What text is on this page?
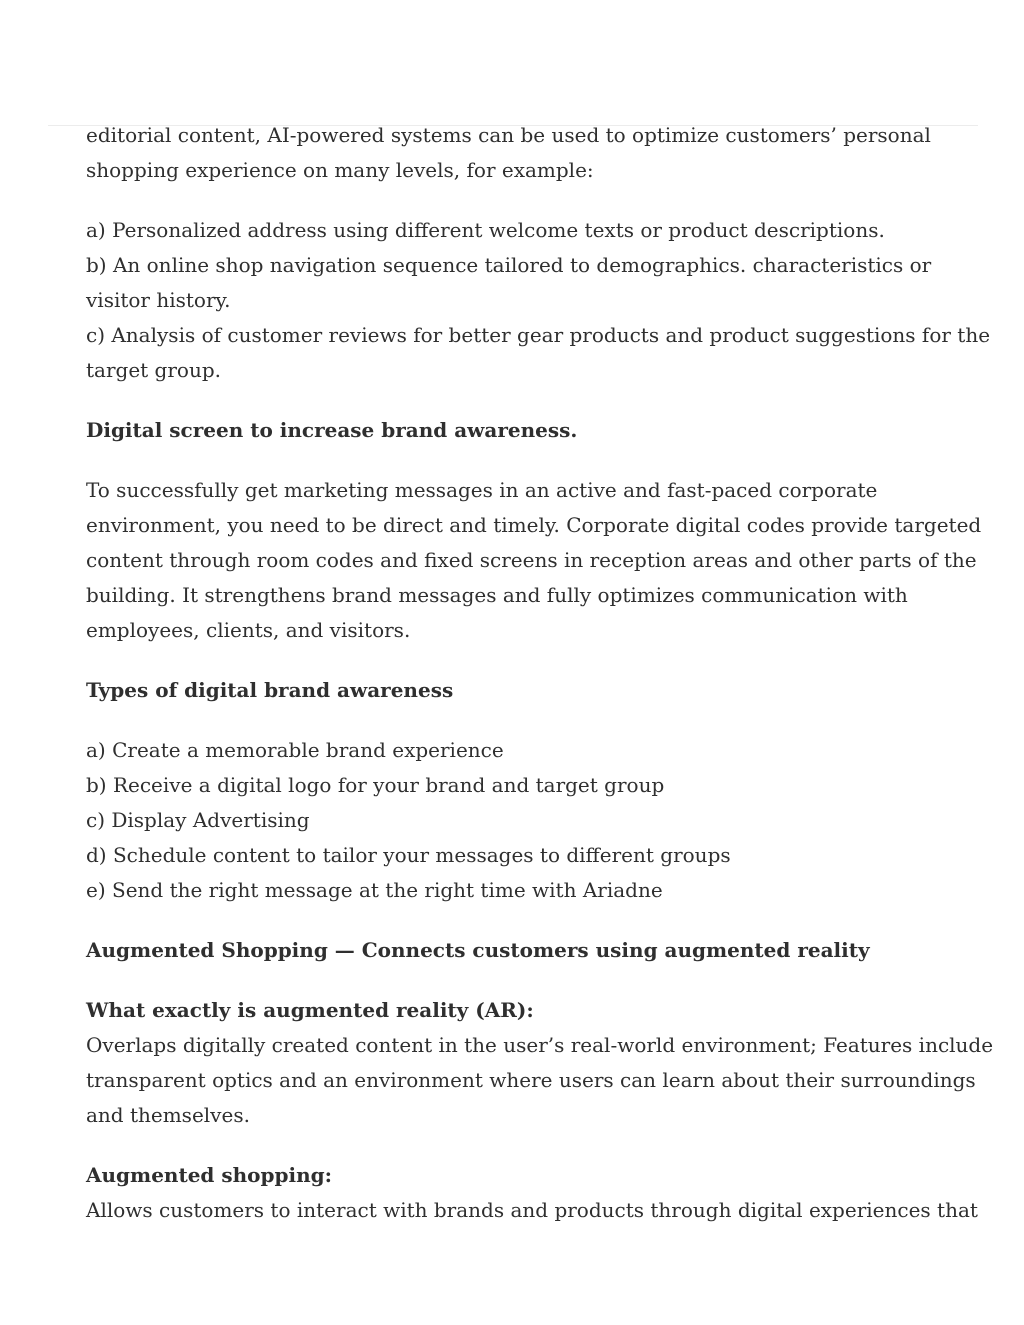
editorial content, AI-powered systems can be used to optimize customers’ personal
shopping experience on many levels, for example:

a) Personalized address using different welcome texts or product descriptions.
b) An online shop navigation sequence tailored to demographics. characteristics or
visitor history.
c) Analysis of customer reviews for better gear products and product suggestions for the
target group.

Digital screen to increase brand awareness.

To successfully get marketing messages in an active and fast-paced corporate
environment, you need to be direct and timely. Corporate digital codes provide targeted
content through room codes and fixed screens in reception areas and other parts of the
building. It strengthens brand messages and fully optimizes communication with
employees, clients, and visitors.

Types of digital brand awareness

a) Create a memorable brand experience
b) Receive a digital logo for your brand and target group
c) Display Advertising
d) Schedule content to tailor your messages to different groups
e) Send the right message at the right time with Ariadne

Augmented Shopping — Connects customers using augmented reality

What exactly is augmented reality (AR):

Overlaps digitally created content in the user’s real-world environment; Features include
transparent optics and an environment where users can learn about their surroundings
and themselves.

Augmented shopping:

Allows customers to interact with brands and products through digital experiences that
